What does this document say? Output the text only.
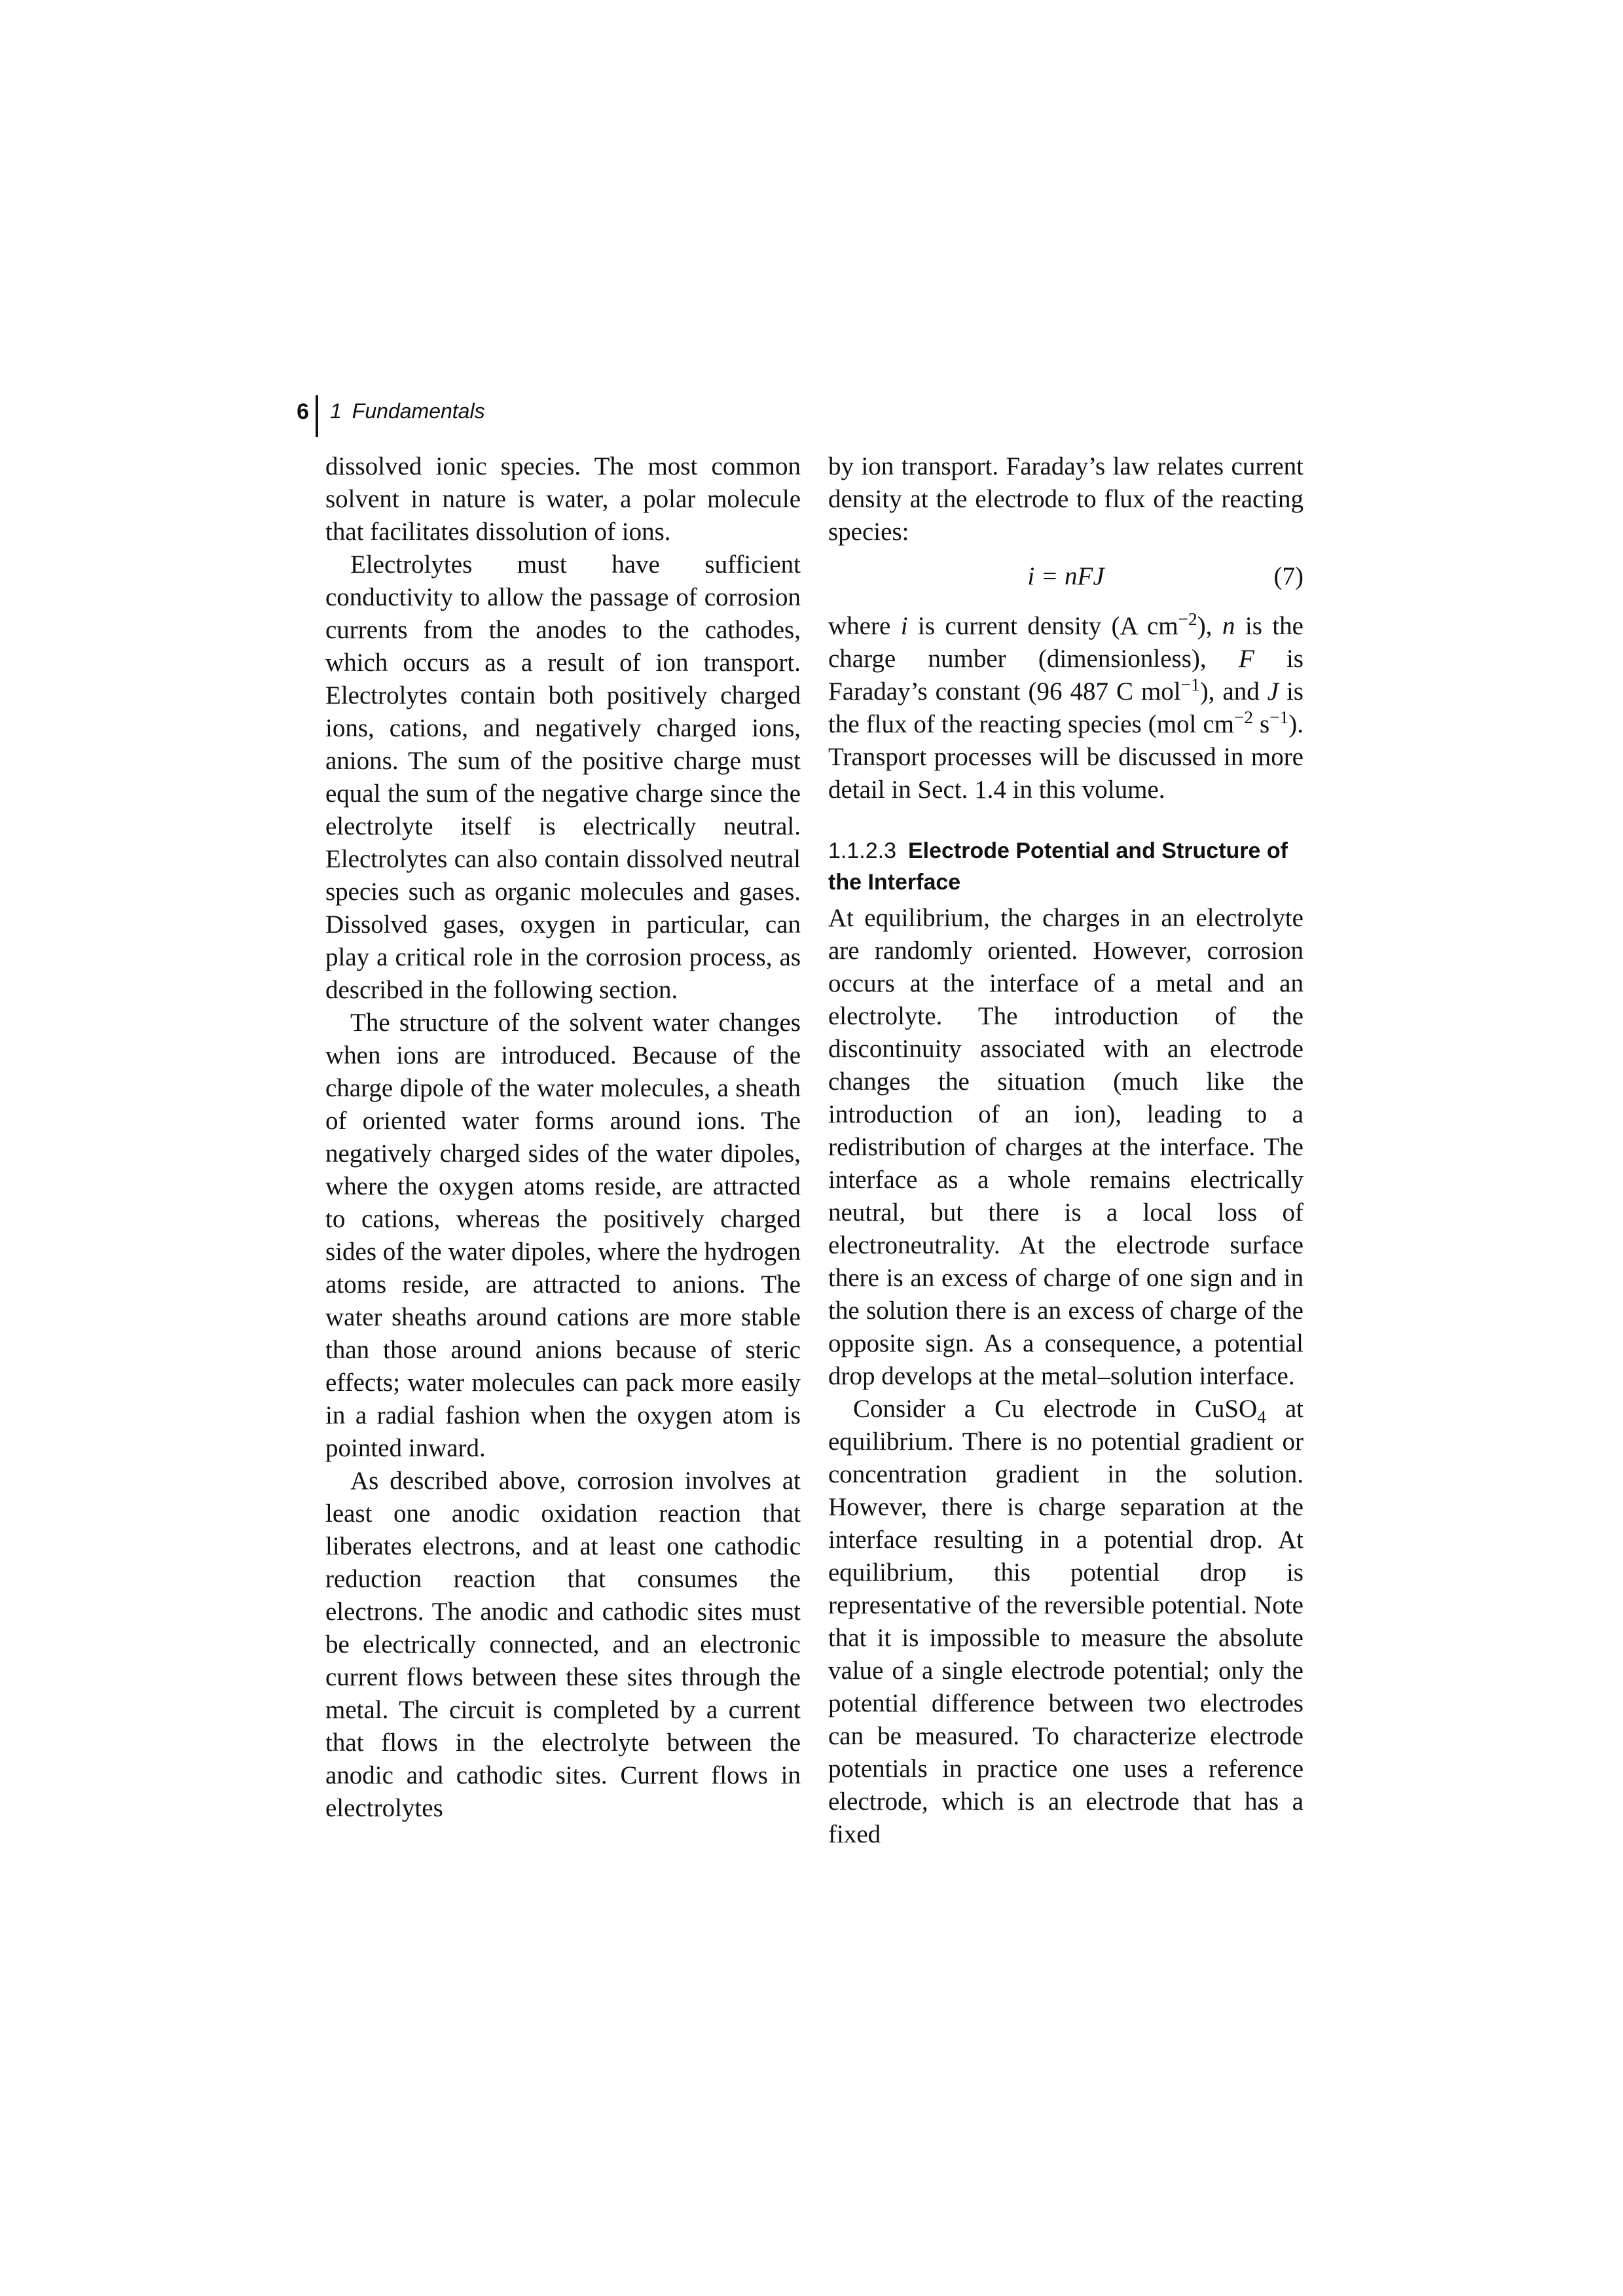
6 1 Fundamentals

dissolved ionic species. The most common solvent in nature is water, a polar molecule that facilitates dissolution of ions.

Electrolytes must have sufficient conductivity to allow the passage of corrosion currents from the anodes to the cathodes, which occurs as a result of ion transport. Electrolytes contain both positively charged ions, cations, and negatively charged ions, anions. The sum of the positive charge must equal the sum of the negative charge since the electrolyte itself is electrically neutral. Electrolytes can also contain dissolved neutral species such as organic molecules and gases. Dissolved gases, oxygen in particular, can play a critical role in the corrosion process, as described in the following section.

The structure of the solvent water changes when ions are introduced. Because of the charge dipole of the water molecules, a sheath of oriented water forms around ions. The negatively charged sides of the water dipoles, where the oxygen atoms reside, are attracted to cations, whereas the positively charged sides of the water dipoles, where the hydrogen atoms reside, are attracted to anions. The water sheaths around cations are more stable than those around anions because of steric effects; water molecules can pack more easily in a radial fashion when the oxygen atom is pointed inward.

As described above, corrosion involves at least one anodic oxidation reaction that liberates electrons, and at least one cathodic reduction reaction that consumes the electrons. The anodic and cathodic sites must be electrically connected, and an electronic current flows between these sites through the metal. The circuit is completed by a current that flows in the electrolyte between the anodic and cathodic sites. Current flows in electrolytes

by ion transport. Faraday’s law relates current density at the electrode to flux of the reacting species:

i = nFJ	(7)

where i is current density (A $cm^{-2}$), n is the charge number (dimensionless), F is Faraday’s constant (96 487 C mol$^{-1}$), and J is the flux of the reacting species (mol $cm^{-2}$ $s^{-1}$). Transport processes will be discussed in more detail in Sect. 1.4 in this volume.

1.1.2.3 Electrode Potential and Structure of the Interface

At equilibrium, the charges in an electrolyte are randomly oriented. However, corrosion occurs at the interface of a metal and an electrolyte. The introduction of the discontinuity associated with an electrode changes the situation (much like the introduction of an ion), leading to a redistribution of charges at the interface. The interface as a whole remains electrically neutral, but there is a local loss of electroneutrality. At the electrode surface there is an excess of charge of one sign and in the solution there is an excess of charge of the opposite sign. As a consequence, a potential drop develops at the metal–solution interface.

Consider a Cu electrode in CuSO$_4$ at equilibrium. There is no potential gradient or concentration gradient in the solution. However, there is charge separation at the interface resulting in a potential drop. At equilibrium, this potential drop is representative of the reversible potential. Note that it is impossible to measure the absolute value of a single electrode potential; only the potential difference between two electrodes can be measured. To characterize electrode potentials in practice one uses a reference electrode, which is an electrode that has a fixed
